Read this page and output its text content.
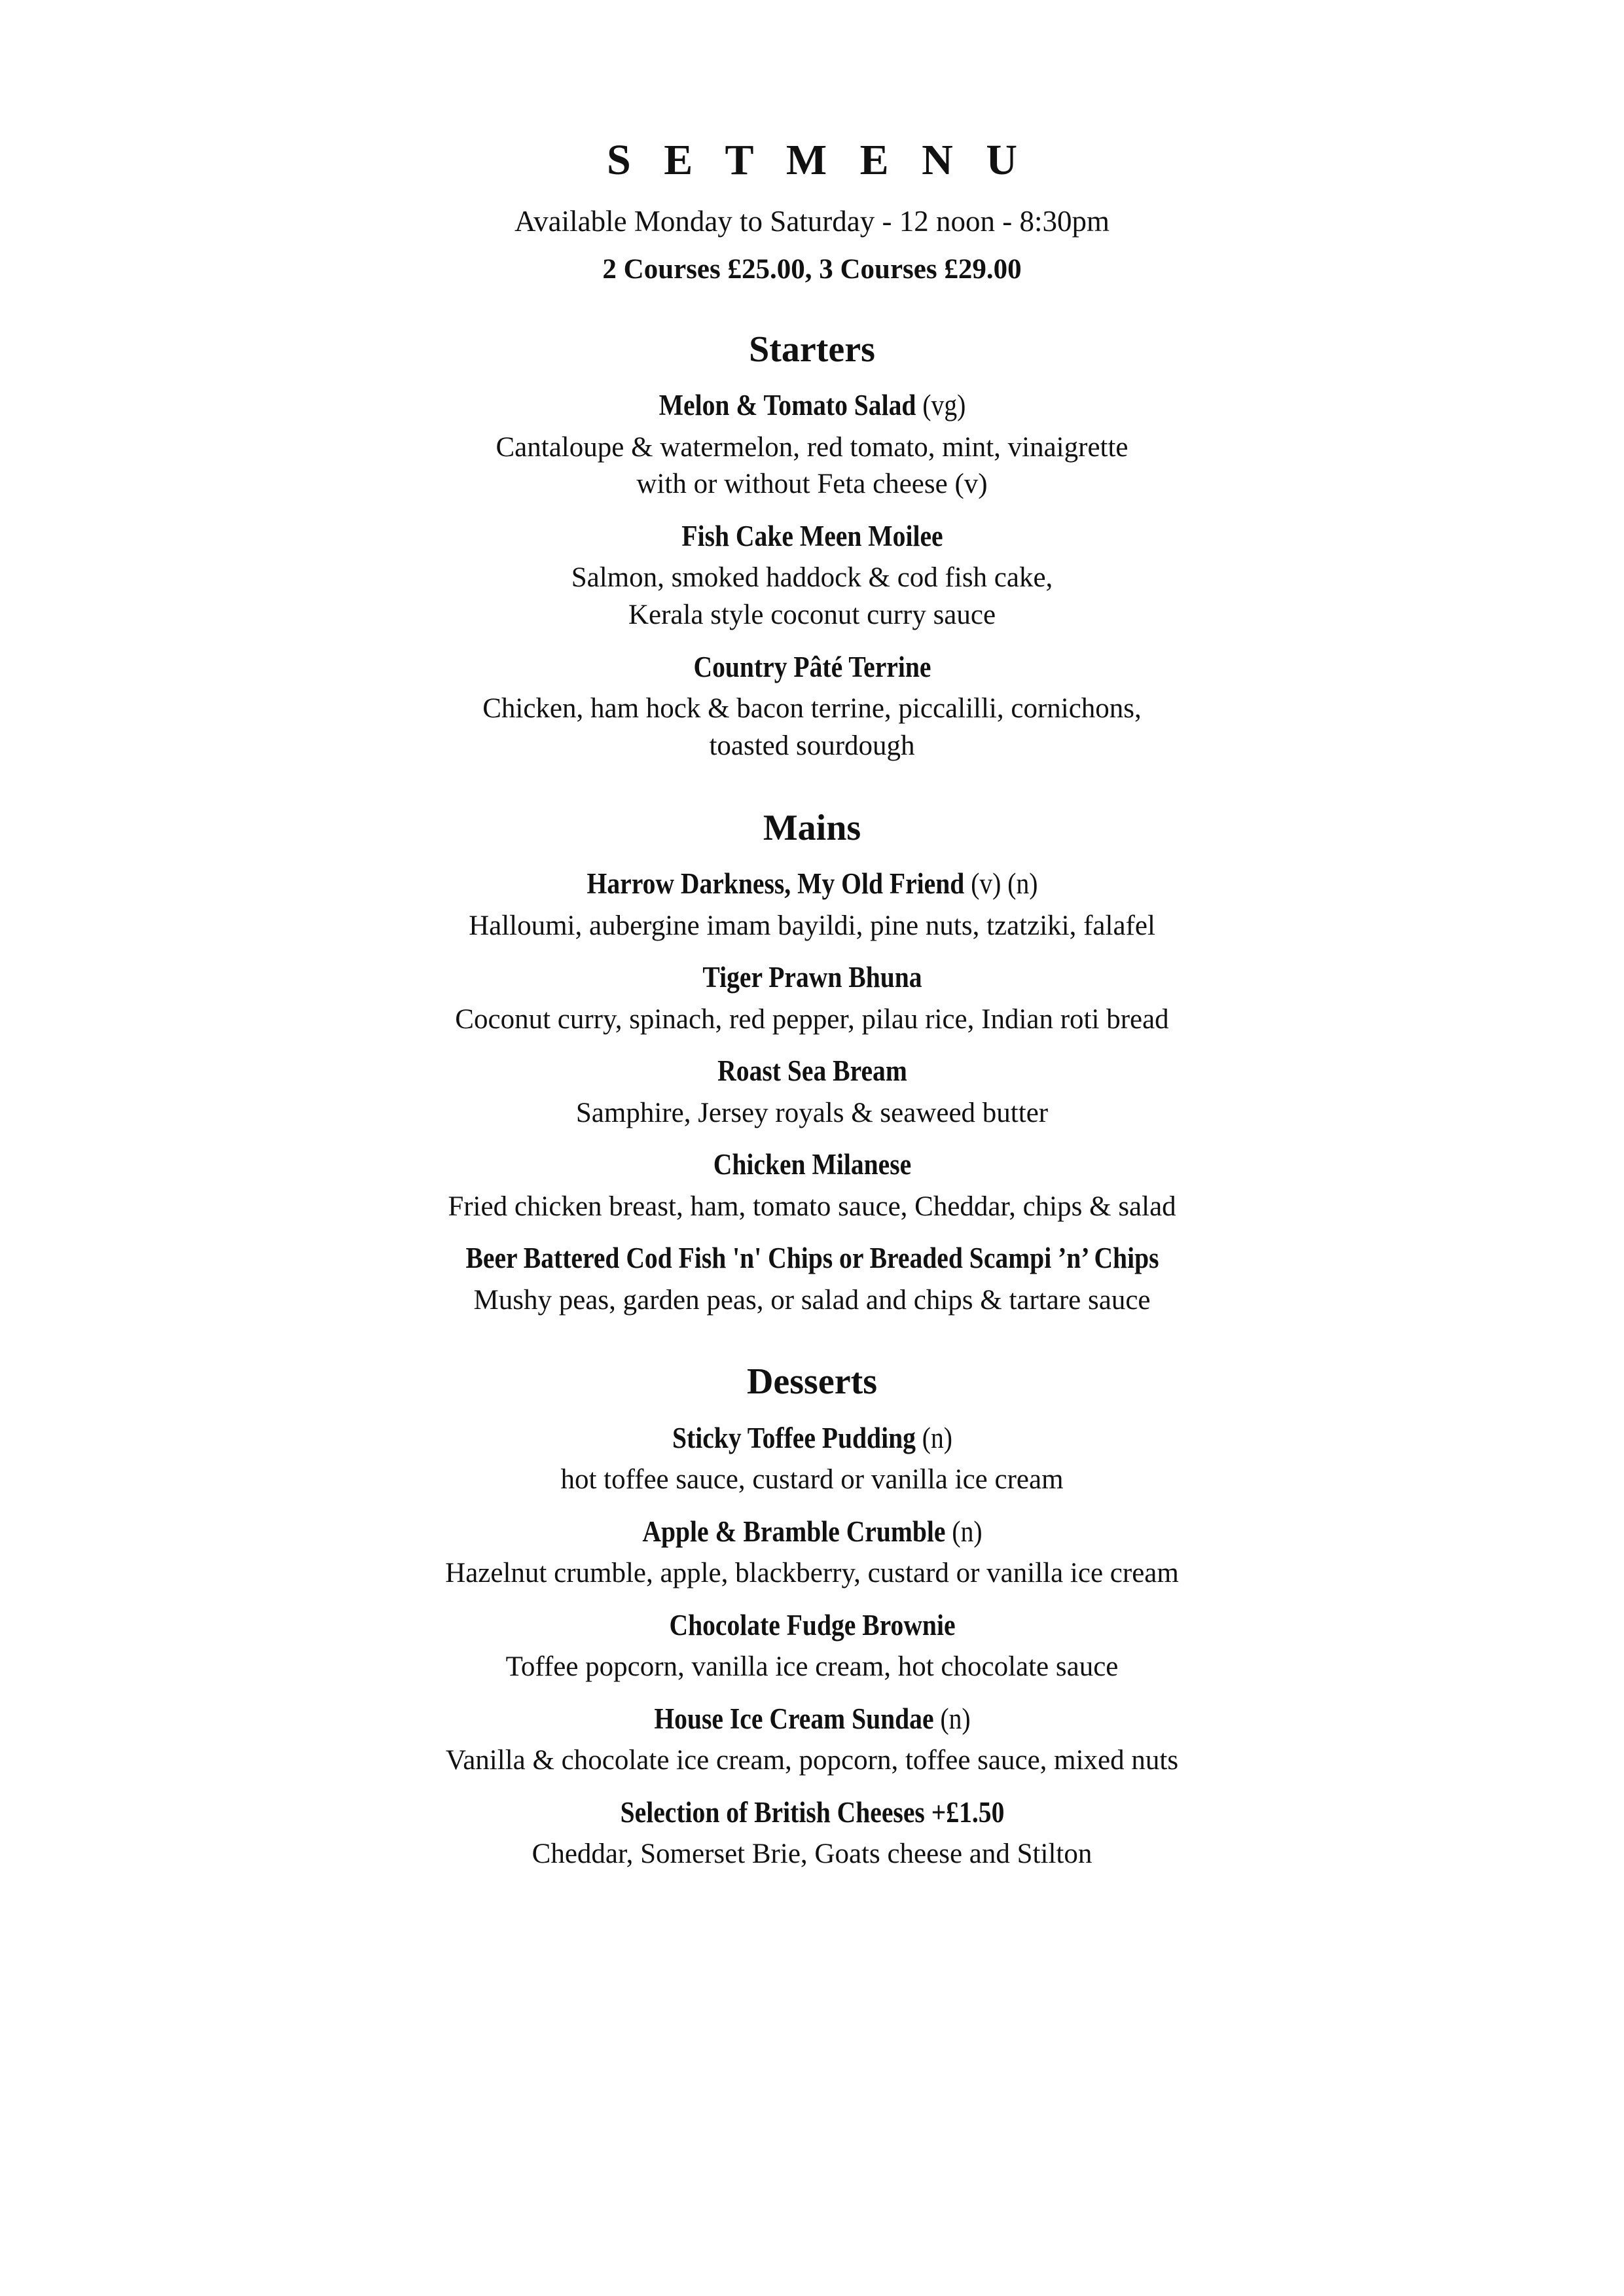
S E T M E N U

Available Monday to Saturday - 12 noon - 8:30pm

2 Courses £25.00, 3 Courses £29.00

Starters
Melon & Tomato Salad (vg)
Cantaloupe & watermelon, red tomato, mint, vinaigrette
with or without Feta cheese (v)
Fish Cake Meen Moilee
Salmon, smoked haddock & cod fish cake,
Kerala style coconut curry sauce
Country Pâté Terrine
Chicken, ham hock & bacon terrine, piccalilli, cornichons,
toasted sourdough
Mains
Harrow Darkness, My Old Friend (v) (n)
Halloumi, aubergine imam bayildi, pine nuts, tzatziki, falafel
Tiger Prawn Bhuna
Coconut curry, spinach, red pepper, pilau rice, Indian roti bread
Roast Sea Bream
Samphire, Jersey royals & seaweed butter
Chicken Milanese
Fried chicken breast, ham, tomato sauce, Cheddar, chips & salad
Beer Battered Cod Fish 'n' Chips or Breaded Scampi ’n’ Chips
Mushy peas, garden peas, or salad and chips & tartare sauce
Desserts
Sticky Toffee Pudding (n)
hot toffee sauce, custard or vanilla ice cream
Apple & Bramble Crumble (n)
Hazelnut crumble, apple, blackberry, custard or vanilla ice cream
Chocolate Fudge Brownie
Toffee popcorn, vanilla ice cream, hot chocolate sauce
House Ice Cream Sundae (n)
Vanilla & chocolate ice cream, popcorn, toffee sauce, mixed nuts
Selection of British Cheeses +£1.50
Cheddar, Somerset Brie, Goats cheese and Stilton
